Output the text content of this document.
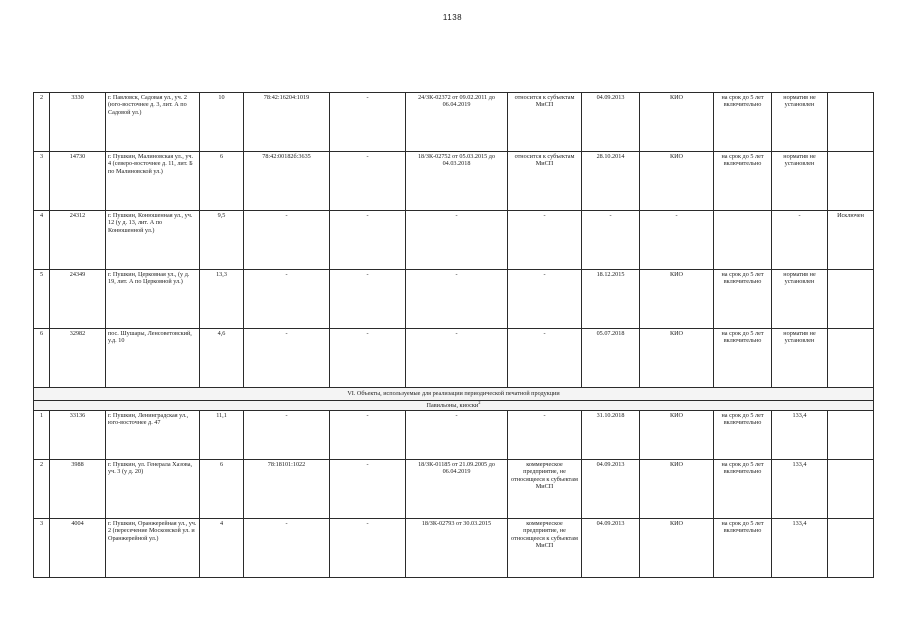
1138
2	3330	г. Павловск, Садовая ул., уч. 2 (юго-восточнее д. 3, лит. А по Садовой ул.)	10	78:42:16204:1019	-	24/ЗК-02372 от 09.02.2011 до 06.04.2019	относится к субъектам МиСП	04.09.2013	КИО	на срок до 5 лет включительно	норматив не установлен	
3	14730	г. Пушкин, Малиновская ул., уч. 4 (северо-восточнее д. 11, лит. Б по Малиновской ул.)	6	78:42:00182б:3635	-	18/ЗК-02752 от 05.03.2015 до 04.03.2018	относится к субъектам МиСП	28.10.2014	КИО	на срок до 5 лет включительно	норматив не установлен	
4	24312	г. Пушкин, Конюшенная ул., уч. 12 (у д. 13, лит. А по Конюшенной ул.)	9,5	-	-	-	-	-	-		-	Исключен
5	24349	г. Пушкин, Церковная ул., (у д. 19, лит. А по Церковной ул.)	13,3	-	-	-	-	18.12.2015	КИО	на срок до 5 лет включительно	норматив не установлен	
6	32982	пос. Шушары, Ленсоветовский, у.д. 10	4,6	-	-	-	-	05.07.2018	КИО	на срок до 5 лет включительно	норматив не установлен	
VI. Объекты, используемые для реализации периодической печатной продукции												
Павильоны, киоски$^2$
1	33136	г. Пушкин, Ленинградская ул., юго-восточнее д. 47	11,1	-	-	-	-	31.10.2018	КИО	на срок до 5 лет включительно	133,4	
2	3988	г. Пушкин, ул. Генерала Хазова, уч. 3 (у д. 20)	6	78:18101:1022	-	18/ЗК-01185 от 21.09.2005 до 06.04.2019	коммерческое предприятие, не относящееся к субъектам МиСП	04.09.2013	КИО	на срок до 5 лет включительно	133,4	
3	4004	г. Пушкин, Оранжерейная ул., уч. 2 (пересечение Московской ул. и Оранжерейной ул.)	4	-	-	18/ЗК-02793 от 30.03.2015	коммерческое предприятие, не относящееся к субъектам МиСП	04.09.2013	КИО	на срок до 5 лет включительно	133,4	
